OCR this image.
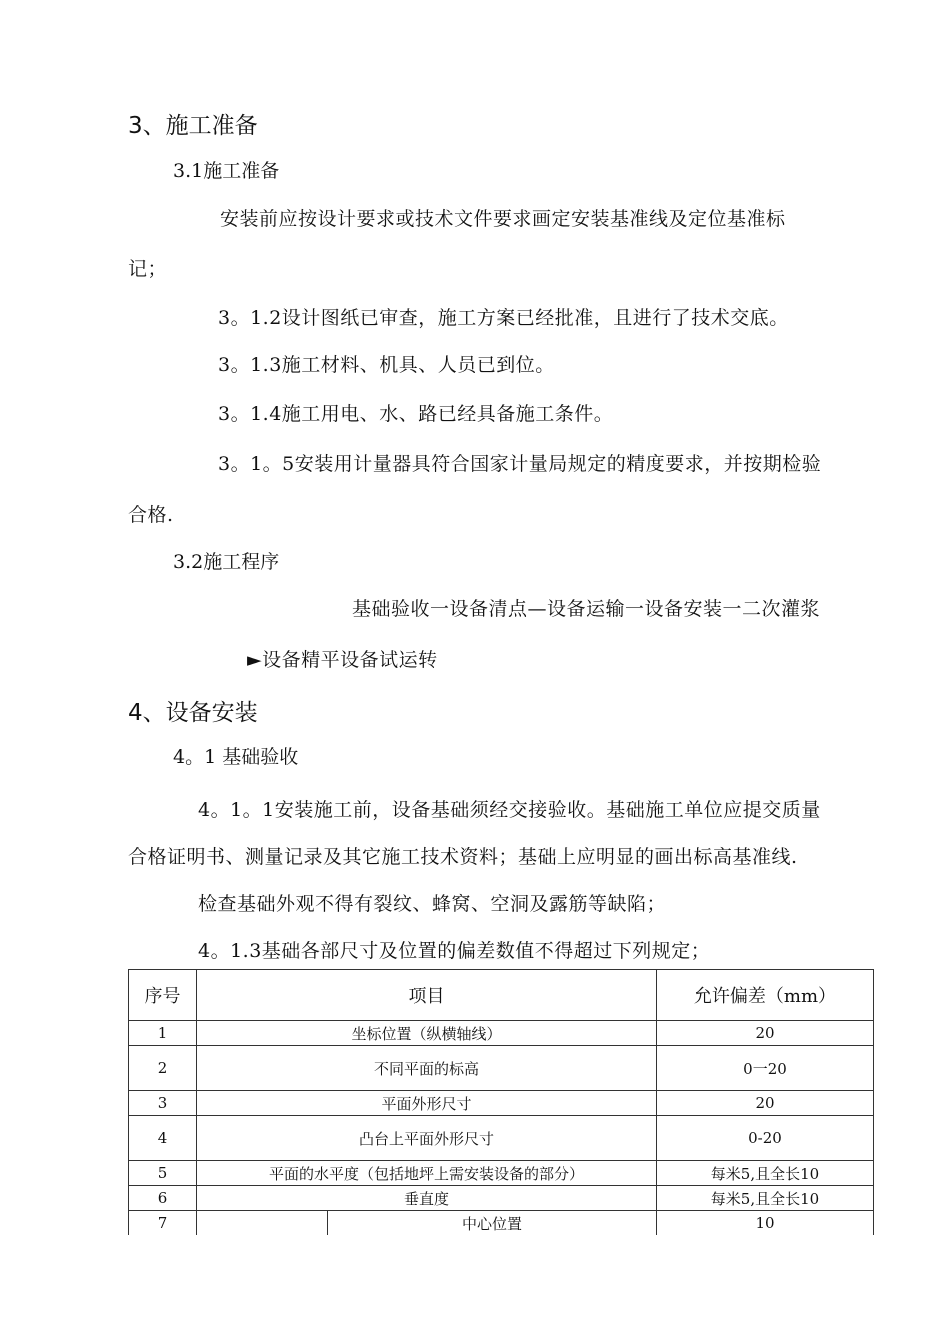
3、施工准备
3.1施工准备
安装前应按设计要求或技术文件要求画定安装基准线及定位基准标
记；
3。1.2设计图纸已审查，施工方案已经批准，且进行了技术交底。
3。1.3施工材料、机具、人员已到位。
3。1.4施工用电、水、路已经具备施工条件。
3。1。5安装用计量器具符合国家计量局规定的精度要求，并按期检验
合格.
3.2施工程序
基础验收一设备清点—设备运输一设备安装一二次灌浆
►设备精平设备试运转
4、设备安装
4。1 基础验收
4。1。1安装施工前，设备基础须经交接验收。基础施工单位应提交质量
合格证明书、测量记录及其它施工技术资料；基础上应明显的画出标高基准线.
检查基础外观不得有裂纹、蜂窝、空洞及露筋等缺陷；
4。1.3基础各部尺寸及位置的偏差数值不得超过下列规定；
序号	项目	允许偏差（mm）
1	坐标位置（纵横轴线）	20
2	不同平面的标高	0一20
3	平面外形尺寸	20
4	凸台上平面外形尺寸	0-20
5	平面的水平度（包括地坪上需安装设备的部分）	每米5,且全长10
6	垂直度	每米5,且全长10
7	中心位置	10
